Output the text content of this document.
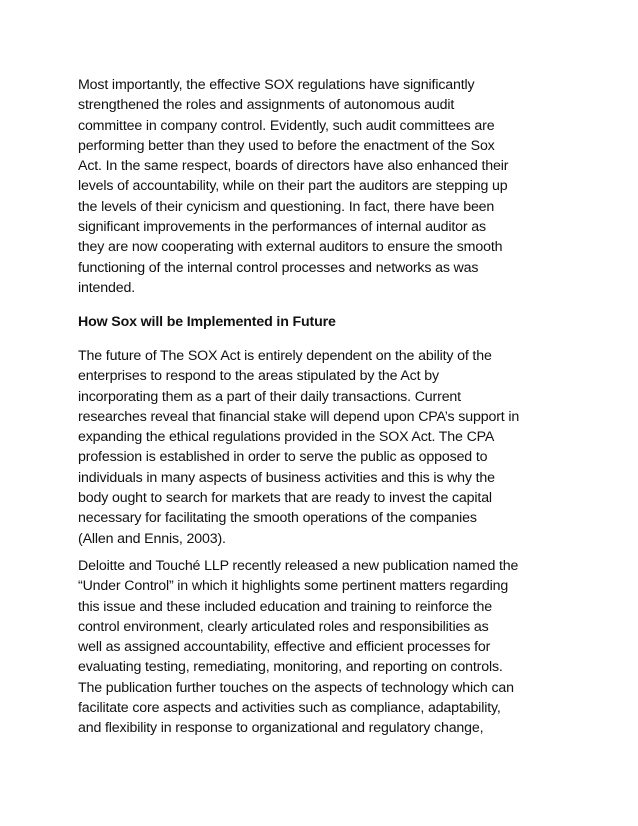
Most importantly, the effective SOX regulations have significantly
strengthened the roles and assignments of autonomous audit
committee in company control. Evidently, such audit committees are
performing better than they used to before the enactment of the Sox
Act. In the same respect, boards of directors have also enhanced their
levels of accountability, while on their part the auditors are stepping up
the levels of their cynicism and questioning. In fact, there have been
significant improvements in the performances of internal auditor as
they are now cooperating with external auditors to ensure the smooth
functioning of the internal control processes and networks as was
intended.
How Sox will be Implemented in Future
The future of The SOX Act is entirely dependent on the ability of the
enterprises to respond to the areas stipulated by the Act by
incorporating them as a part of their daily transactions. Current
researches reveal that financial stake will depend upon CPA’s support in
expanding the ethical regulations provided in the SOX Act. The CPA
profession is established in order to serve the public as opposed to
individuals in many aspects of business activities and this is why the
body ought to search for markets that are ready to invest the capital
necessary for facilitating the smooth operations of the companies
(Allen and Ennis, 2003).
Deloitte and Touché LLP recently released a new publication named the
“Under Control” in which it highlights some pertinent matters regarding
this issue and these included education and training to reinforce the
control environment, clearly articulated roles and responsibilities as
well as assigned accountability, effective and efficient processes for
evaluating testing, remediating, monitoring, and reporting on controls.
The publication further touches on the aspects of technology which can
facilitate core aspects and activities such as compliance, adaptability,
and flexibility in response to organizational and regulatory change,
